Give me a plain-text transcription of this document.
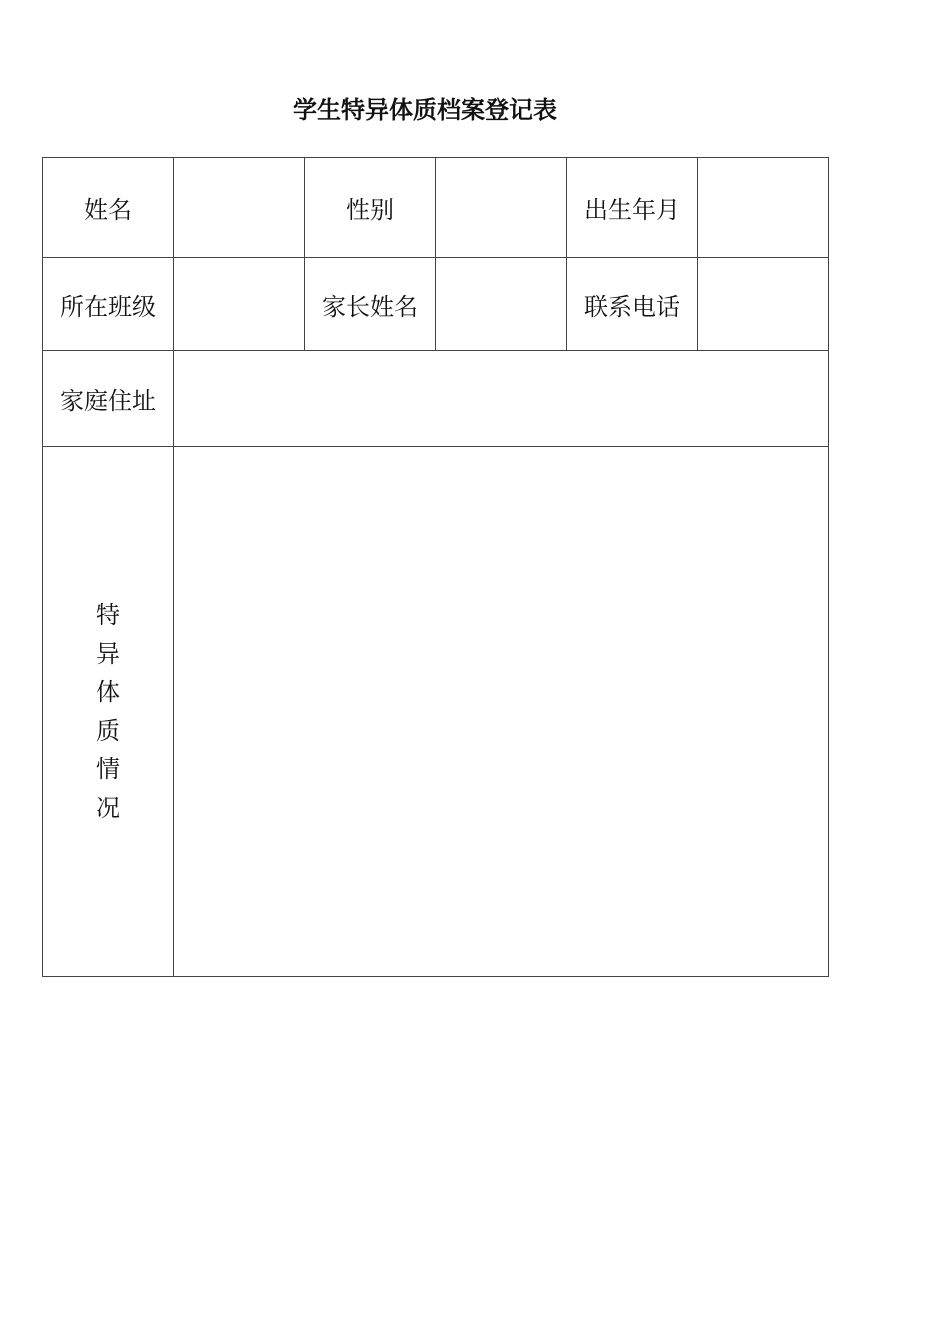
学生特异体质档案登记表
姓名		性别		出生年月	
所在班级		家长姓名		联系电话	
家庭住址					
特异体质情况					
